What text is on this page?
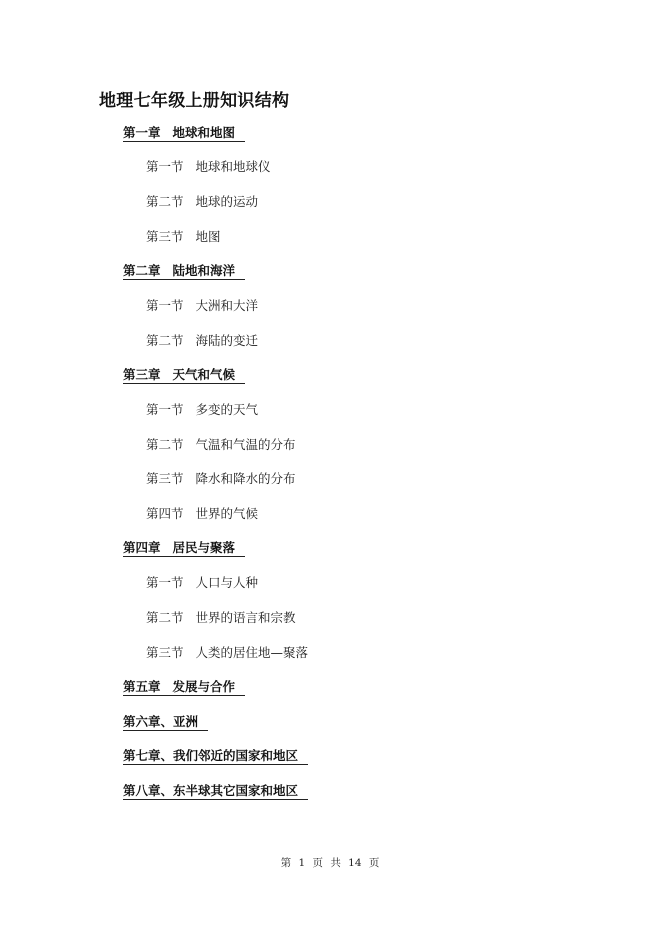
地理七年级上册知识结构
第一章 地球和地图
第一节 地球和地球仪
第二节 地球的运动
第三节 地图
第二章 陆地和海洋
第一节 大洲和大洋
第二节 海陆的变迁
第三章 天气和气候
第一节 多变的天气
第二节 气温和气温的分布
第三节 降水和降水的分布
第四节 世界的气候
第四章 居民与聚落
第一节 人口与人种
第二节 世界的语言和宗教
第三节 人类的居住地—聚落
第五章 发展与合作
第六章、亚洲
第七章、我们邻近的国家和地区
第八章、东半球其它国家和地区
第 1 页 共 14 页
